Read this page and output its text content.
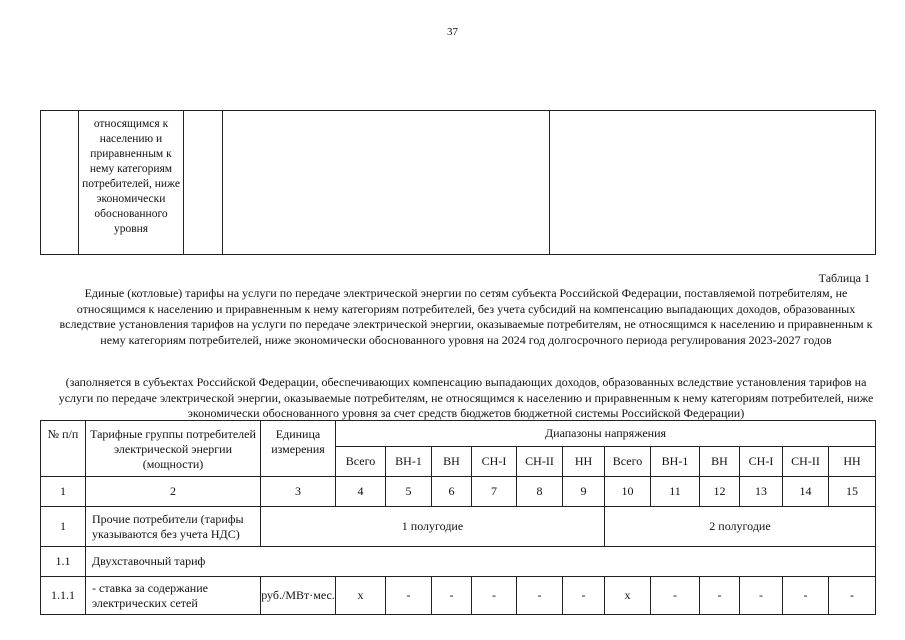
37
	относящимся к населению и приравненным к нему категориям потребителей, ниже экономически обоснованного уровня			
Таблица 1
Единые (котловые) тарифы на услуги по передаче электрической энергии по сетям субъекта Российской Федерации, поставляемой потребителям, не относящимся к населению и приравненным к нему категориям потребителей, без учета субсидий на компенсацию выпадающих доходов, образованных вследствие установления тарифов на услуги по передаче электрической энергии, оказываемые потребителям, не относящимся к населению и приравненным к нему категориям потребителей, ниже экономически обоснованного уровня на 2024 год долгосрочного периода регулирования 2023-2027 годов
(заполняется в субъектах Российской Федерации, обеспечивающих компенсацию выпадающих доходов, образованных вследствие установления тарифов на услуги по передаче электрической энергии, оказываемые потребителям, не относящимся к населению и приравненным к нему категориям потребителей, ниже экономически обоснованного уровня за счет средств бюджетов бюджетной системы Российской Федерации)
№ п/п	Тарифные группы потребителей электрической энергии (мощности)	Единица измерения	Диапазоны напряжения											
			Всего	ВН-1	ВН	СН-I	СН-II	НН	Всего	ВН-1	ВН	СН-I	СН-II	НН
1	2	3	4	5	6	7	8	9	10	11	12	13	14	15
1	Прочие потребители (тарифы указываются без учета НДС)	1 полугодие							2 полугодие					
1.1	Двухставочный тариф													
1.1.1	- ставка за содержание электрических сетей	руб./МВт·мес.	х	-	-	-	-	-	х	-	-	-	-	-
